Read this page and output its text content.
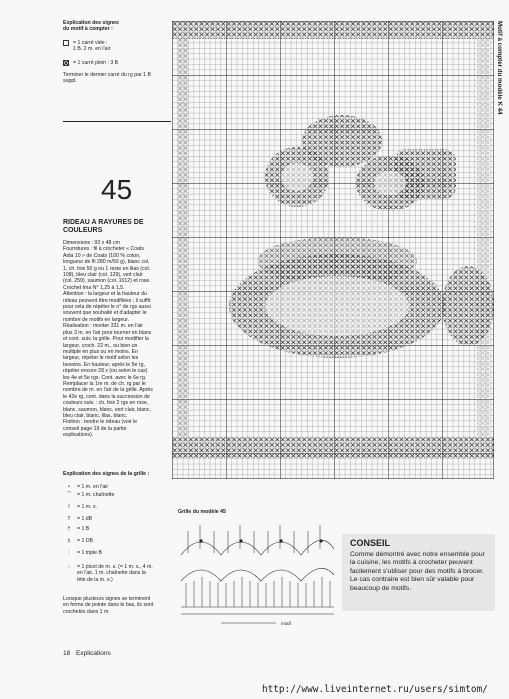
Explication des signes
du motif à compter :
= 1 carré vide :
1 B. 2 m. en l'air
= 1 carré plein : 3 B
Terminer le dernier carré du rg par 1 B
suppl.
45
RIDEAU A RAYURES DE
COULEURS
Dimensions : 93 x 48 cm
Fournitures : fil à crocheter « Coats
Aida 10 » de Coats (100 % coton,
longueur de fil 280 m/50 g), blanc col.
1, ch. fois 50 g ou 1 reste en lilas (col.
108), bleu clair (col. 129), vert clair
(col. 259), saumon (col. 1012) et rose.
Crochet Ima N° 1,25 à 1,5.
Attention : la largeur et la hauteur du
rideau peuvent être modifiées ; il suffit
pour cela de répéter le n° de rgs aussi
souvent que souhaité et d'adapter le
nombre de motifs en largeur.
Réalisation : monter 331 m. en l'air
plus 3 m. en l'air pour tourner en blanc
et cont. suiv. la grille. Pour modifier la
largeur, croch. 22 m., ou bien un
multiple en plus ou en moins. En
largeur, répéter le motif selon les
besoins. En hauteur, après le 5e rg,
répéter encore 28 x (ou selon le cas)
les 4e et 5e rgs. Cont. avec le 6e rg.
Remplacer la 1re m. de ch. rg par le
nombre de m. en l'air de la grille. Après
le 42e rg, cont. dans la succession de
couleurs suiv. : ch. fois 2 rgs en rose,
blanc, saumon, blanc, vert clair, blanc,
bleu clair, blanc, lilas, blanc.
Finition : tendre le rideau (voir le
conseil page 19 de la partie
explications).
Explication des signes de la grille :
•	= 1 m. en l'air
⌒	= 1 m. chaînette
I	= 1 m. s.
T	= 1 dB
†	= 1 B
‡	= 1 DB
⫶	= 1 triple B
◌	= 1 picot de m. s. (= 1 m. s., 4 m.
en l'air, 1 m. chaînette dans la
tête de la m. s.)
Lorsque plusieurs signes se terminent
en forme de pointe dans le bas, ils sont
crochetés dans 1 m.
Motif à compter du modèle K 44
Grille du modèle 45
motif
CONSEIL
Comme démontré avec notre ensemble pour la cuisine, les motifs à crocheter peuvent facilement s'utiliser pour des motifs à brocer. Le cas contraire est bien sûr valable pour beaucoup de motifs.
18 Explications
http://www.liveinternet.ru/users/simtom/
